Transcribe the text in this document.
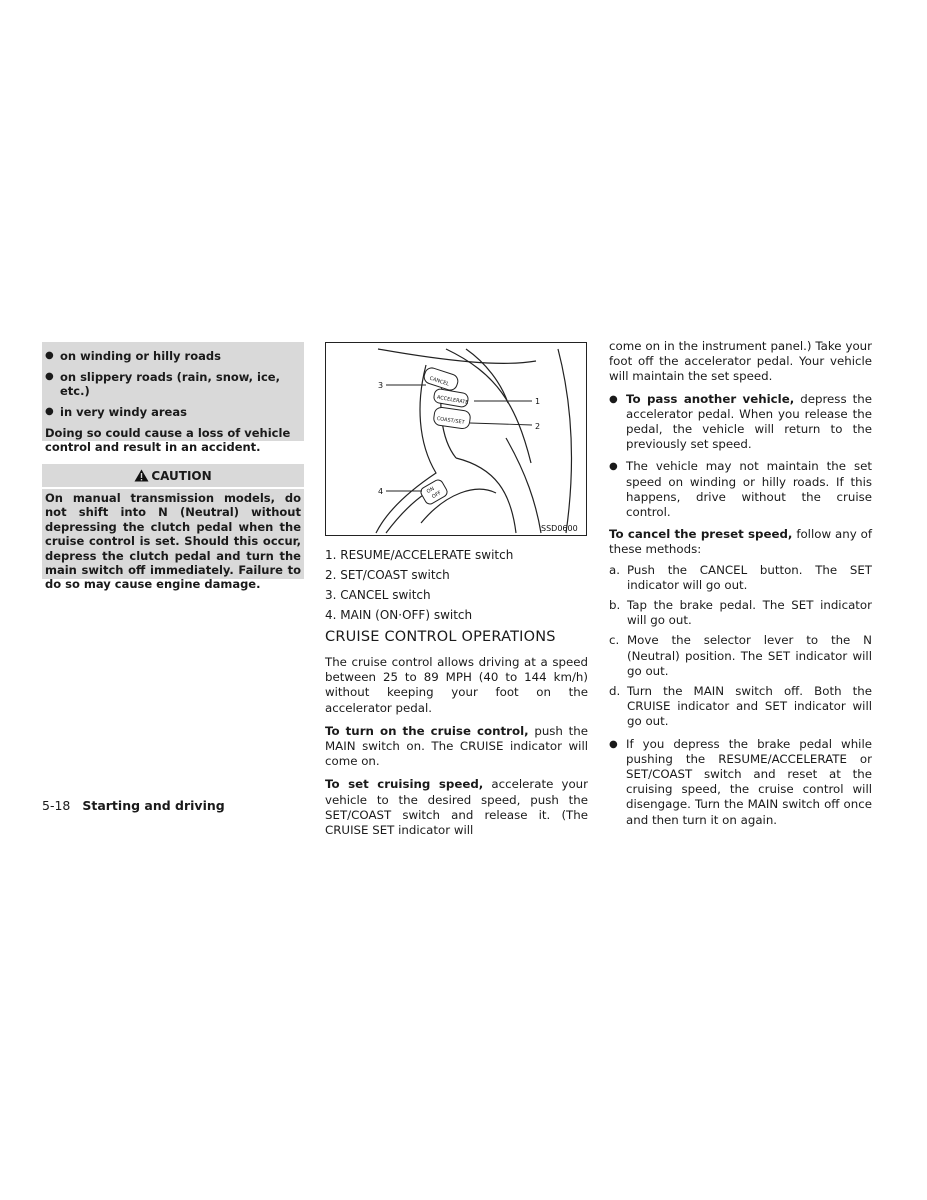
● on winding or hilly roads
● on slippery roads (rain, snow, ice, etc.)
● in very windy areas

Doing so could cause a loss of vehicle control and result in an accident.

CAUTION

On manual transmission models, do not shift into N (Neutral) without depressing the clutch pedal when the cruise control is set. Should this occur, depress the clutch pedal and turn the main switch off immediately. Failure to do so may cause engine damage.

CANCEL
ACCELERATE
COAST/SET
ON
OFF
3
1
2
4
SSD0600
1. RESUME/ACCELERATE switch
2. SET/COAST switch
3. CANCEL switch
4. MAIN (ON·OFF) switch
CRUISE CONTROL OPERATIONS

The cruise control allows driving at a speed between 25 to 89 MPH (40 to 144 km/h) without keeping your foot on the accelerator pedal.

To turn on the cruise control, push the MAIN switch on. The CRUISE indicator will come on.

To set cruising speed, accelerate your vehicle to the desired speed, push the SET/COAST switch and release it. (The CRUISE SET indicator will

come on in the instrument panel.) Take your foot off the accelerator pedal. Your vehicle will maintain the set speed.

● To pass another vehicle, depress the accelerator pedal. When you release the pedal, the vehicle will return to the previously set speed.
● The vehicle may not maintain the set speed on winding or hilly roads. If this happens, drive without the cruise control.

To cancel the preset speed, follow any of these methods:

a. Push the CANCEL button. The SET indicator will go out.
b. Tap the brake pedal. The SET indicator will go out.
c. Move the selector lever to the N (Neutral) position. The SET indicator will go out.
d. Turn the MAIN switch off. Both the CRUISE indicator and SET indicator will go out.
● If you depress the brake pedal while pushing the RESUME/ACCELERATE or SET/COAST switch and reset at the cruising speed, the cruise control will disengage. Turn the MAIN switch off once and then turn it on again.
5-18 Starting and driving
